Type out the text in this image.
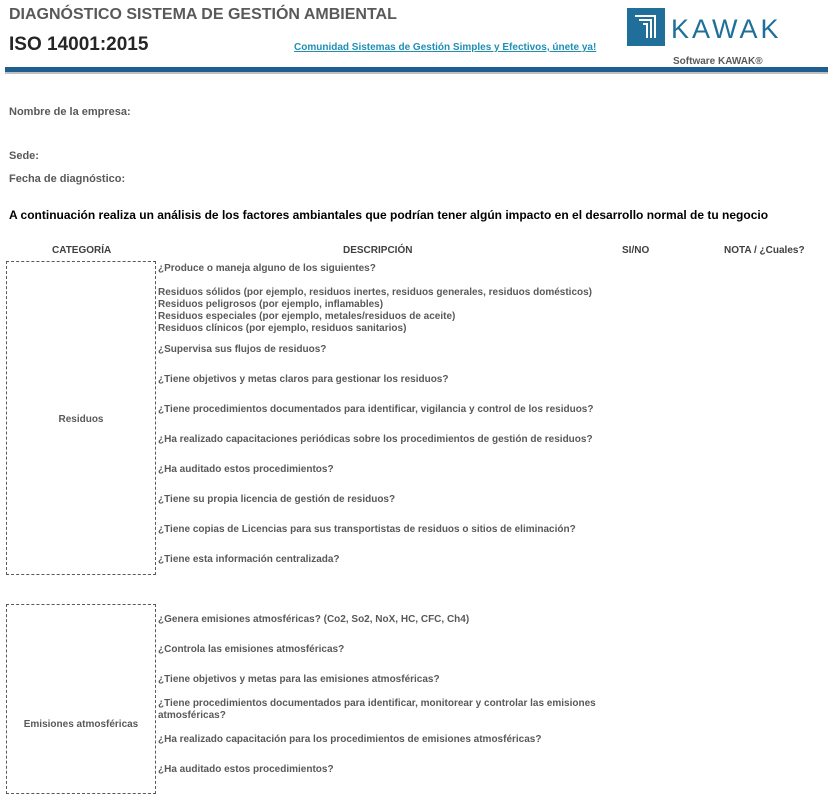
DIAGNÓSTICO SISTEMA DE GESTIÓN AMBIENTAL
ISO 14001:2015	Comunidad Sistemas de Gestión Simples y Efectivos, únete ya!
KAWAK
Software KAWAK®
Nombre de la empresa:
Sede:
Fecha de diagnóstico:
A continuación realiza un análisis de los factores ambiantales que podrían tener algún impacto en el desarrollo normal de tu negocio
CATEGORÍA	DESCRIPCIÓN	SI/NO	NOTA / ¿Cuales?
Residuos
¿Produce o maneja alguno de los siguientes?
Residuos sólidos (por ejemplo, residuos inertes, residuos generales, residuos domésticos)
Residuos peligrosos (por ejemplo, inflamables)
Residuos especiales (por ejemplo, metales/residuos de aceite)
Residuos clínicos (por ejemplo, residuos sanitarios)
¿Supervisa sus flujos de residuos?
¿Tiene objetivos y metas claros para gestionar los residuos?
¿Tiene procedimientos documentados para identificar, vigilancia y control de los residuos?
¿Ha realizado capacitaciones periódicas sobre los procedimientos de gestión de residuos?
¿Ha auditado estos procedimientos?
¿Tiene su propia licencia de gestión de residuos?
¿Tiene copias de Licencias para sus transportistas de residuos o sitios de eliminación?
¿Tiene esta información centralizada?
Emisiones atmosféricas
¿Genera emisiones atmosféricas? (Co2, So2, NoX, HC, CFC, Ch4)
¿Controla las emisiones atmosféricas?
¿Tiene objetivos y metas para las emisiones atmosféricas?
¿Tiene procedimientos documentados para identificar, monitorear y controlar las emisiones
atmosféricas?
¿Ha realizado capacitación para los procedimientos de emisiones atmosféricas?
¿Ha auditado estos procedimientos?
